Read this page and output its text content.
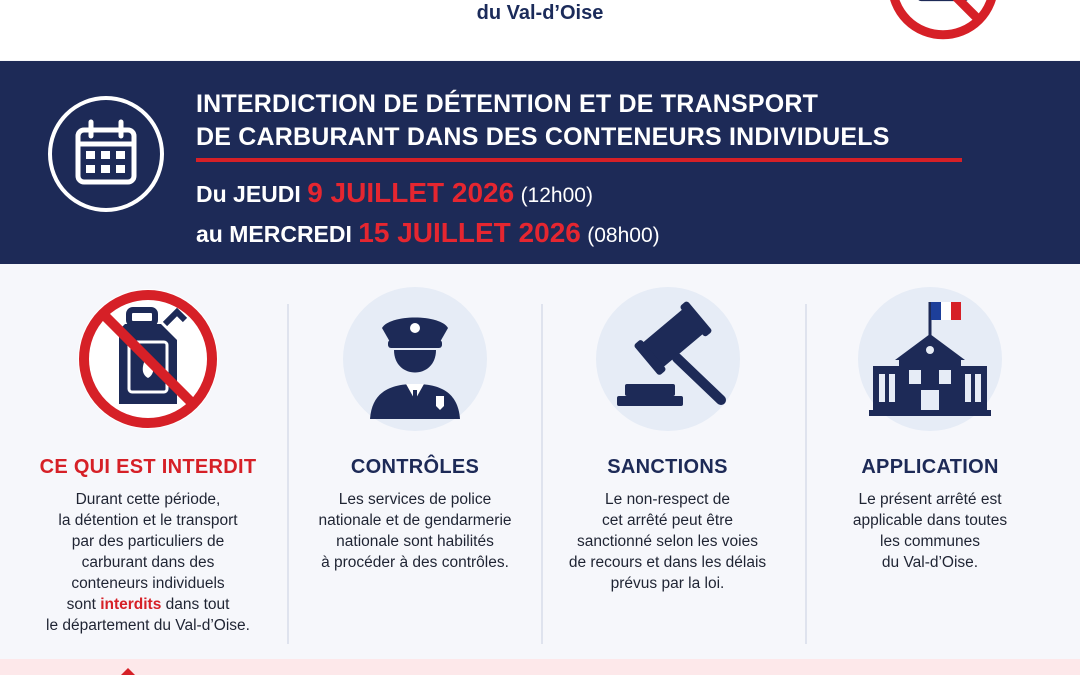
du Val-d’Oise
INTERDICTION DE DÉTENTION ET DE TRANSPORT
DE CARBURANT DANS DES CONTENEURS INDIVIDUELS
Du JEUDI 9 JUILLET 2026 (12h00)
au MERCREDI 15 JUILLET 2026 (08h00)
CE QUI EST INTERDIT
Durant cette période,
la détention et le transport
par des particuliers de
carburant dans des
conteneurs individuels
sont interdits dans tout
le département du Val-d’Oise.
CONTRÔLES
Les services de police
nationale et de gendarmerie
nationale sont habilités
à procéder à des contrôles.
SANCTIONS
Le non-respect de
cet arrêté peut être
sanctionné selon les voies
de recours et dans les délais
prévus par la loi.
APPLICATION
Le présent arrêté est
applicable dans toutes
les communes
du Val-d’Oise.
